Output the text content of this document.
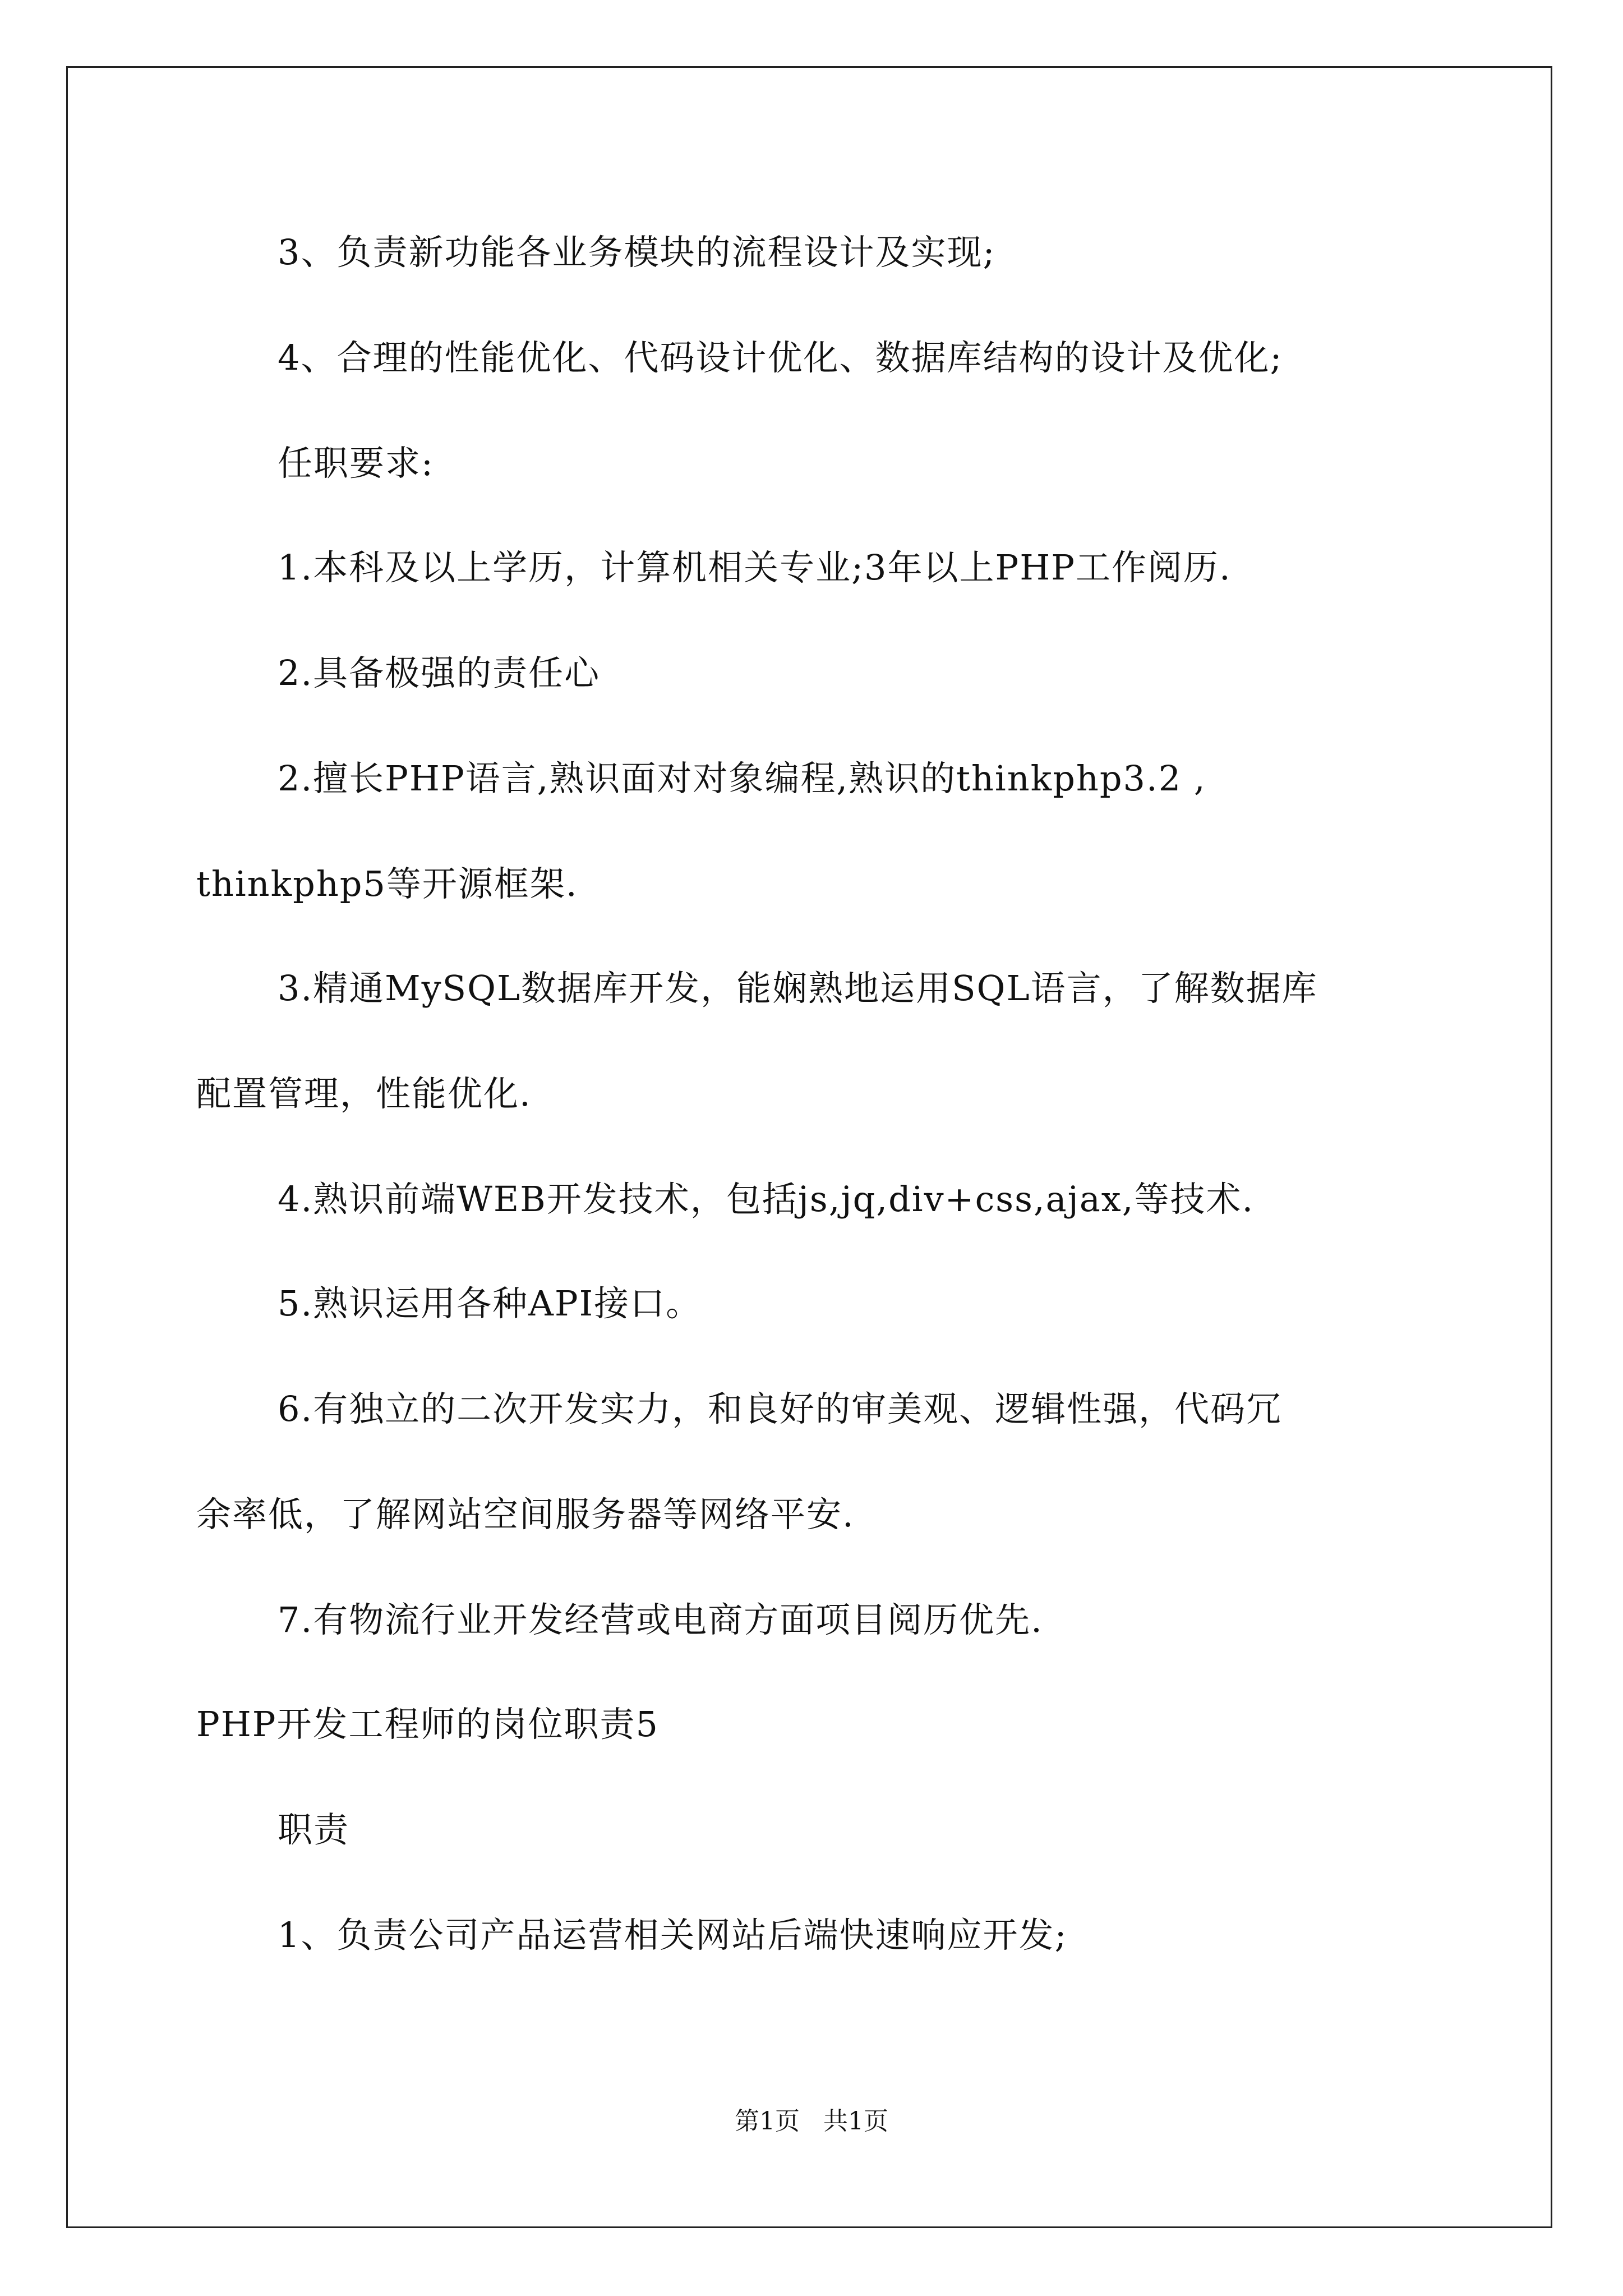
3、负责新功能各业务模块的流程设计及实现;
4、合理的性能优化、代码设计优化、数据库结构的设计及优化;
任职要求:
1.本科及以上学历，计算机相关专业;3年以上PHP工作阅历.
2.具备极强的责任心
2.擅长PHP语言,熟识面对对象编程,熟识的thinkphp3.2 ,
thinkphp5等开源框架.
3.精通MySQL数据库开发，能娴熟地运用SQL语言，了解数据库
配置管理，性能优化.
4.熟识前端WEB开发技术，包括js,jq,div+css,ajax,等技术.
5.熟识运用各种API接口。
6.有独立的二次开发实力，和良好的审美观、逻辑性强，代码冗
余率低，了解网站空间服务器等网络平安.
7.有物流行业开发经营或电商方面项目阅历优先.
PHP开发工程师的岗位职责5
职责
1、负责公司产品运营相关网站后端快速响应开发;
第1页   共1页
